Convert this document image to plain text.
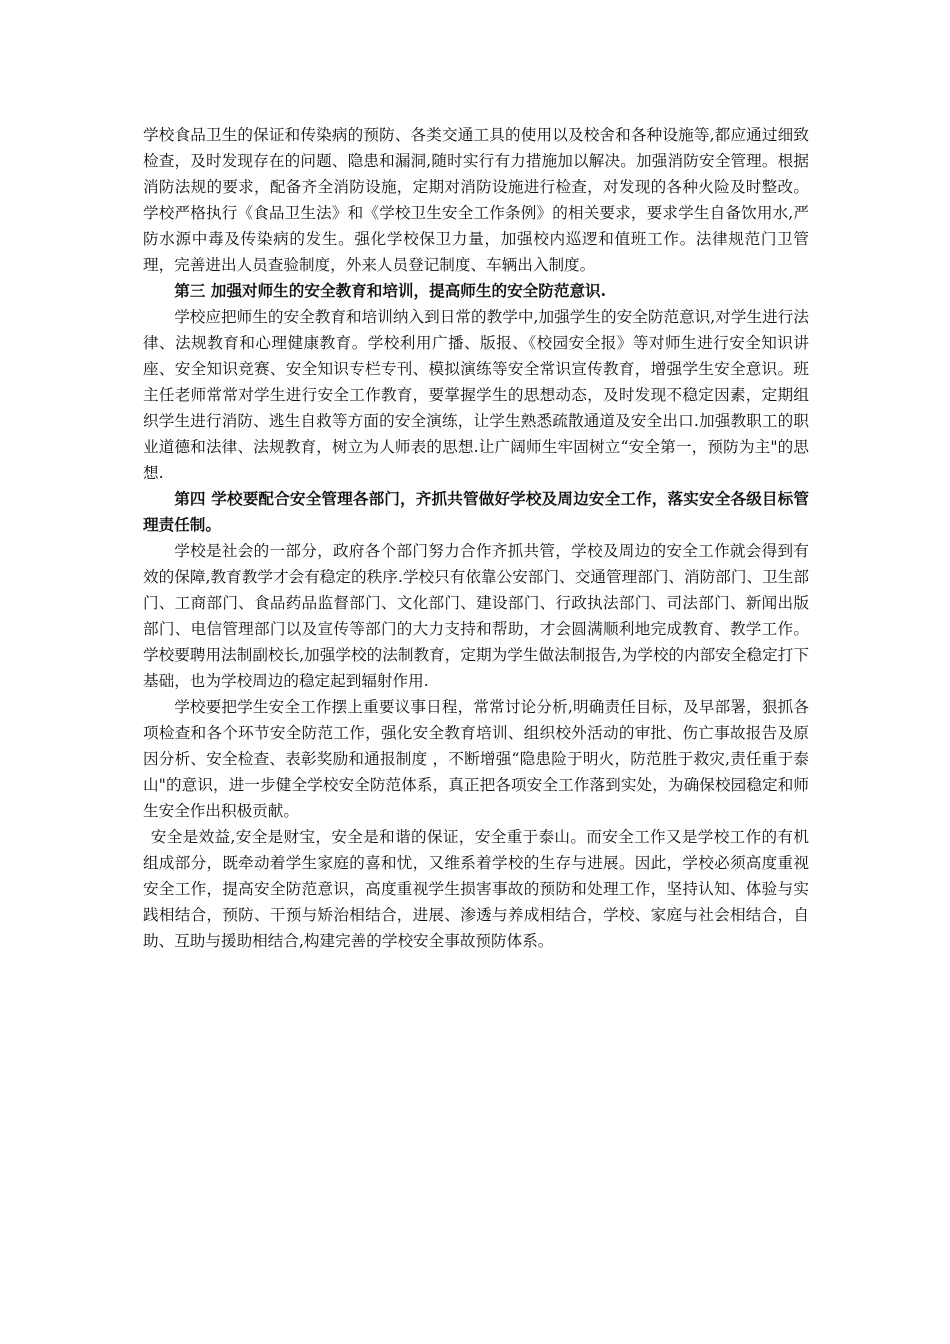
学校食品卫生的保证和传染病的预防、各类交通工具的使用以及校舍和各种设施等,都应通过细致检查，及时发现存在的问题、隐患和漏洞,随时实行有力措施加以解决。加强消防安全管理。根据消防法规的要求，配备齐全消防设施，定期对消防设施进行检查，对发现的各种火险及时整改。学校严格执行《食品卫生法》和《学校卫生安全工作条例》的相关要求，要求学生自备饮用水,严防水源中毒及传染病的发生。强化学校保卫力量，加强校内巡逻和值班工作。法律规范门卫管理，完善进出人员查验制度，外来人员登记制度、车辆出入制度。

第三 加强对师生的安全教育和培训，提高师生的安全防范意识.

学校应把师生的安全教育和培训纳入到日常的教学中,加强学生的安全防范意识,对学生进行法律、法规教育和心理健康教育。学校利用广播、版报、《校园安全报》等对师生进行安全知识讲座、安全知识竞赛、安全知识专栏专刊、模拟演练等安全常识宣传教育，增强学生安全意识。班主任老师常常对学生进行安全工作教育，要掌握学生的思想动态，及时发现不稳定因素，定期组织学生进行消防、逃生自救等方面的安全演练，让学生熟悉疏散通道及安全出口.加强教职工的职业道德和法律、法规教育，树立为人师表的思想.让广阔师生牢固树立“安全第一，预防为主"的思想.

第四 学校要配合安全管理各部门，齐抓共管做好学校及周边安全工作，落实安全各级目标管理责任制。

学校是社会的一部分，政府各个部门努力合作齐抓共管，学校及周边的安全工作就会得到有效的保障,教育教学才会有稳定的秩序.学校只有依靠公安部门、交通管理部门、消防部门、卫生部门、工商部门、食品药品监督部门、文化部门、建设部门、行政执法部门、司法部门、新闻出版部门、电信管理部门以及宣传等部门的大力支持和帮助，才会圆满顺利地完成教育、教学工作。学校要聘用法制副校长,加强学校的法制教育，定期为学生做法制报告,为学校的内部安全稳定打下基础，也为学校周边的稳定起到辐射作用.

学校要把学生安全工作摆上重要议事日程，常常讨论分析,明确责任目标，及早部署，狠抓各项检查和各个环节安全防范工作，强化安全教育培训、组织校外活动的审批、伤亡事故报告及原因分析、安全检查、表彰奖励和通报制度 ，不断增强“隐患险于明火，防范胜于救灾,责任重于泰山"的意识，进一步健全学校安全防范体系，真正把各项安全工作落到实处，为确保校园稳定和师生安全作出积极贡献。

安全是效益,安全是财宝，安全是和谐的保证，安全重于泰山。而安全工作又是学校工作的有机组成部分，既牵动着学生家庭的喜和忧，又维系着学校的生存与进展。因此，学校必须高度重视安全工作，提高安全防范意识，高度重视学生损害事故的预防和处理工作，坚持认知、体验与实践相结合，预防、干预与矫治相结合，进展、渗透与养成相结合，学校、家庭与社会相结合，自助、互助与援助相结合,构建完善的学校安全事故预防体系。
